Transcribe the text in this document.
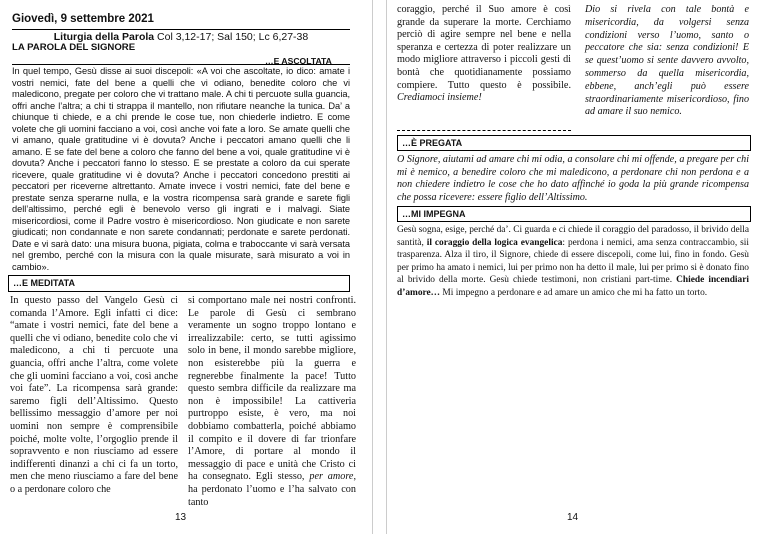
Giovedì, 9 settembre 2021
Liturgia della Parola Col 3,12-17; Sal 150; Lc 6,27-38
LA PAROLA DEL SIGNORE
…E ASCOLTATA
In quel tempo, Gesù disse ai suoi discepoli: «A voi che ascoltate, io dico: amate i vostri nemici, fate del bene a quelli che vi odiano, benedite coloro che vi maledicono, pregate per coloro che vi trattano male. A chi ti percuote sulla guancia, offri anche l’altra; a chi ti strappa il mantello, non rifiutare neanche la tunica. Da’ a chiunque ti chiede, e a chi prende le cose tue, non chiederle indietro. E come volete che gli uomini facciano a voi, così anche voi fate a loro. Se amate quelli che vi amano, quale gratitudine vi è dovuta? Anche i peccatori amano quelli che li amano. E se fate del bene a coloro che fanno del bene a voi, quale gratitudine vi è dovuta? Anche i peccatori fanno lo stesso. E se prestate a coloro da cui sperate ricevere, quale gratitudine vi è dovuta? Anche i peccatori concedono prestiti ai peccatori per riceverne altrettanto. Amate invece i vostri nemici, fate del bene e prestate senza sperarne nulla, e la vostra ricompensa sarà grande e sarete figli dell’altissimo, perché egli è benevolo verso gli ingrati e i malvagi. Siate misericordiosi, come il Padre vostro è misericordioso. Non giudicate e non sarete giudicati; non condannate e non sarete condannati; perdonate e sarete perdonati. Date e vi sarà dato: una misura buona, pigiata, colma e traboccante vi sarà versata nel grembo, perché con la misura con la quale misurate, sarà misurato a voi in cambio».
…E MEDITATA
In questo passo del Vangelo Gesù ci comanda l’Amore. Egli infatti ci dice: “amate i vostri nemici, fate del bene a quelli che vi odiano, benedite colo che vi maledicono, a chi ti percuote una guancia, offri anche l’altra, come volete che gli uomini facciano a voi, così anche voi fate”. La ricompensa sarà grande: saremo figli dell’Altissimo. Questo bellissimo messaggio d’amore per noi uomini non sempre è comprensibile poiché, molte volte, l’orgoglio prende il sopravvento e non riusciamo ad essere indifferenti dinanzi a chi ci fa un torto, men che meno riusciamo a fare del bene o a perdonare coloro che
si comportano male nei nostri confronti. Le parole di Gesù ci sembrano veramente un sogno troppo lontano e irrealizzabile: certo, se tutti agissimo solo in bene, il mondo sarebbe migliore, non esisterebbe più la guerra e regnerebbe finalmente la pace! Tutto questo sembra difficile da realizzare ma non è impossibile! La cattiveria purtroppo esiste, è vero, ma noi dobbiamo combatterla, poiché abbiamo il compito e il dovere di far trionfare l’Amore, di portare al mondo il messaggio di pace e unità che Cristo ci ha consegnato. Egli stesso, per amore, ha perdonato l’uomo e l’ha salvato con tanto
13
coraggio, perché il Suo amore è così grande da superare la morte. Cerchiamo perciò di agire sempre nel bene e nella speranza e certezza di poter realizzare un modo migliore attraverso i piccoli gesti di bontà che quotidianamente possiamo compiere. Tutto questo è possibile. Crediamoci insieme!
Dio si rivela con tale bontà e misericordia, da volgersi senza condizioni verso l’uomo, santo o peccatore che sia: senza condizioni! E se quest’uomo si sente davvero avvolto, sommerso da quella misericordia, ebbene, anch’egli può essere straordinariamente misericordioso, fino ad amare il suo nemico.
…È PREGATA
O Signore, aiutami ad amare chi mi odia, a consolare chi mi offende, a pregare per chi mi è nemico, a benedire coloro che mi maledicono, a perdonare chi non perdona e a non chiedere indietro le cose che ho dato affinché io goda la più grande ricompensa che possa ricevere: essere figlio dell’Altissimo.
…MI IMPEGNA
Gesù sogna, esige, perché da’. Ci guarda e ci chiede il coraggio del paradosso, il brivido della santità, il coraggio della logica evangelica: perdona i nemici, ama senza contraccambio, sii trasparenza. Alza il tiro, il Signore, chiede di essere discepoli, come lui, fino in fondo. Gesù per primo ha amato i nemici, lui per primo non ha detto il male, lui per primo si è donato fino al brivido della morte. Gesù chiede testimoni, non cristiani part-time. Chiede incendiari d’amore… Mi impegno a perdonare e ad amare un amico che mi ha fatto un torto.
14
